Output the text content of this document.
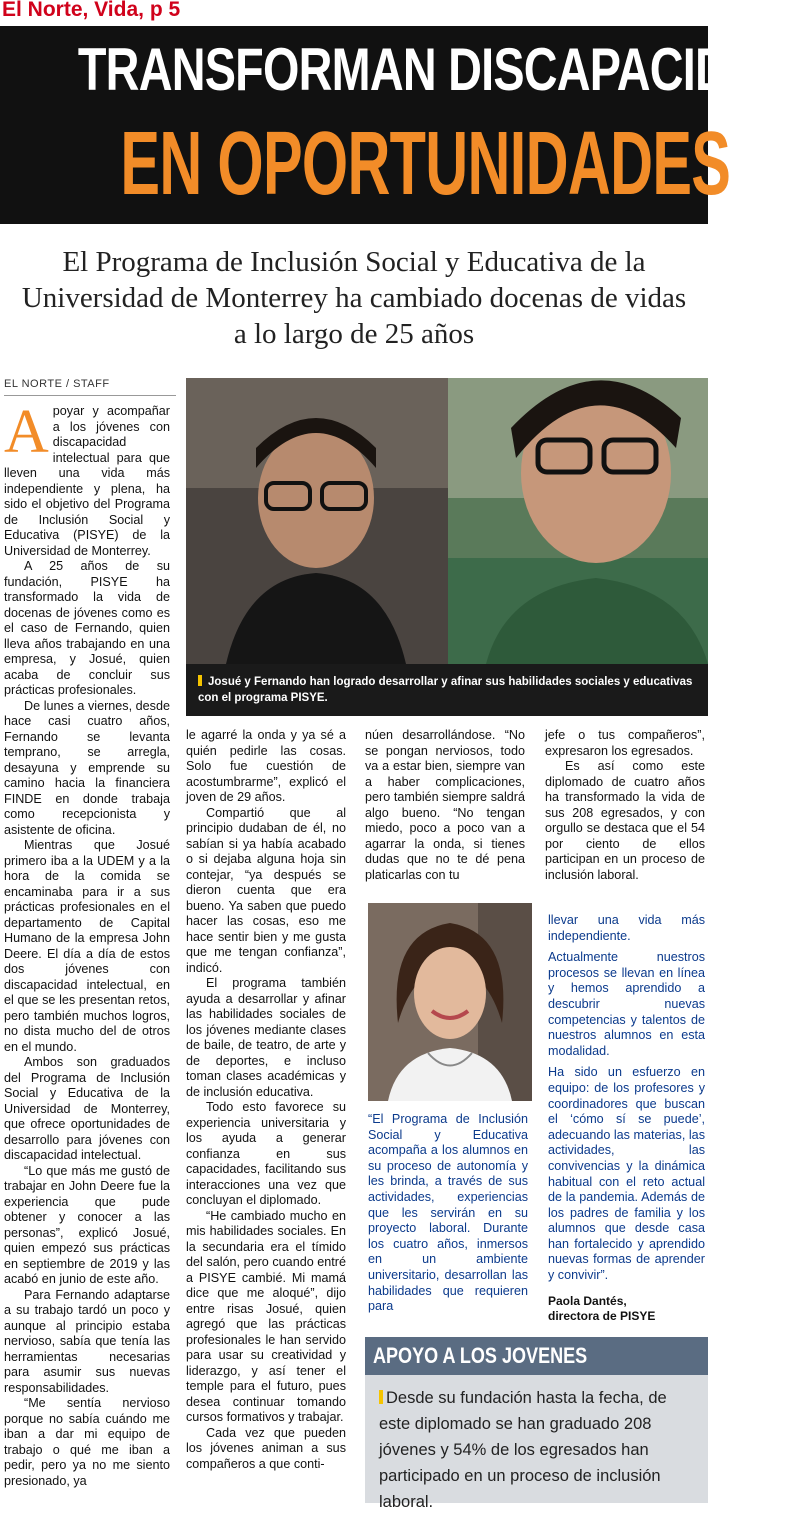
El Norte, Vida, p 5
TRANSFORMAN DISCAPACIDAD
EN OPORTUNIDADES
El Programa de Inclusión Social y Educativa de la Universidad de Monterrey ha cambiado docenas de vidas a lo largo de 25 años
EL NORTE / STAFF

Apoyar y acompañar a los jóvenes con discapacidad intelectual para que lleven una vida más independiente y plena, ha sido el objetivo del Programa de Inclusión Social y Educativa (PISYE) de la Universidad de Monterrey.

A 25 años de su fundación, PISYE ha transformado la vida de docenas de jóvenes como es el caso de Fernando, quien lleva años trabajando en una empresa, y Josué, quien acaba de concluir sus prácticas profesionales.

De lunes a viernes, desde hace casi cuatro años, Fernando se levanta temprano, se arregla, desayuna y emprende su camino hacia la financiera FINDE en donde trabaja como recepcionista y asistente de oficina.

Mientras que Josué primero iba a la UDEM y a la hora de la comida se encaminaba para ir a sus prácticas profesionales en el departamento de Capital Humano de la empresa John Deere. El día a día de estos dos jóvenes con discapacidad intelectual, en el que se les presentan retos, pero también muchos logros, no dista mucho del de otros en el mundo.

Ambos son graduados del Programa de Inclusión Social y Educativa de la Universidad de Monterrey, que ofrece oportunidades de desarrollo para jóvenes con discapacidad intelectual.

“Lo que más me gustó de trabajar en John Deere fue la experiencia que pude obtener y conocer a las personas”, explicó Josué, quien empezó sus prácticas en septiembre de 2019 y las acabó en junio de este año.

Para Fernando adaptarse a su trabajo tardó un poco y aunque al principio estaba nervioso, sabía que tenía las herramientas necesarias para asumir sus nuevas responsabilidades.

“Me sentía nervioso porque no sabía cuándo me iban a dar mi equipo de trabajo o qué me iban a pedir, pero ya no me siento presionado, ya

Josué y Fernando han logrado desarrollar y afinar sus habilidades sociales y educativas con el programa PISYE.

le agarré la onda y ya sé a quién pedirle las cosas. Solo fue cuestión de acostumbrarme”, explicó el joven de 29 años.

Compartió que al principio dudaban de él, no sabían si ya había acabado o si dejaba alguna hoja sin contejar, “ya después se dieron cuenta que era bueno. Ya saben que puedo hacer las cosas, eso me hace sentir bien y me gusta que me tengan confianza”, indicó.

El programa también ayuda a desarrollar y afinar las habilidades sociales de los jóvenes mediante clases de baile, de teatro, de arte y de deportes, e incluso toman clases académicas y de inclusión educativa.

Todo esto favorece su experiencia universitaria y los ayuda a generar confianza en sus capacidades, facilitando sus interacciones una vez que concluyan el diplomado.

“He cambiado mucho en mis habilidades sociales. En la secundaria era el tímido del salón, pero cuando entré a PISYE cambié. Mi mamá dice que me aloqué”, dijo entre risas Josué, quien agregó que las prácticas profesionales le han servido para usar su creatividad y liderazgo, y así tener el temple para el futuro, pues desea continuar tomando cursos formativos y trabajar.

Cada vez que pueden los jóvenes animan a sus compañeros a que conti-

núen desarrollándose. “No se pongan nerviosos, todo va a estar bien, siempre van a haber complicaciones, pero también siempre saldrá algo bueno. “No tengan miedo, poco a poco van a agarrar la onda, si tienes dudas que no te dé pena platicarlas con tu

jefe o tus compañeros”, expresaron los egresados.

Es así como este diplomado de cuatro años ha transformado la vida de sus 208 egresados, y con orgullo se destaca que el 54 por ciento de ellos participan en un proceso de inclusión laboral.

“El Programa de Inclusión Social y Educativa acompaña a los alumnos en su proceso de autonomía y les brinda, a través de sus actividades, experiencias que les servirán en su proyecto laboral. Durante los cuatro años, inmersos en un ambiente universitario, desarrollan las habilidades que requieren para

llevar una vida más independiente.

Actualmente nuestros procesos se llevan en línea y hemos aprendido a descubrir nuevas competencias y talentos de nuestros alumnos en esta modalidad.

Ha sido un esfuerzo en equipo: de los profesores y coordinadores que buscan el ‘cómo sí se puede’, adecuando las materias, las actividades, las convivencias y la dinámica habitual con el reto actual de la pandemia. Además de los padres de familia y los alumnos que desde casa han fortalecido y aprendido nuevas formas de aprender y convivir”.

Paola Dantés,
directora de PISYE
APOYO A LOS JOVENES
Desde su fundación hasta la fecha, de este diplomado se han graduado 208 jóvenes y 54% de los egresados han participado en un proceso de inclusión laboral.
